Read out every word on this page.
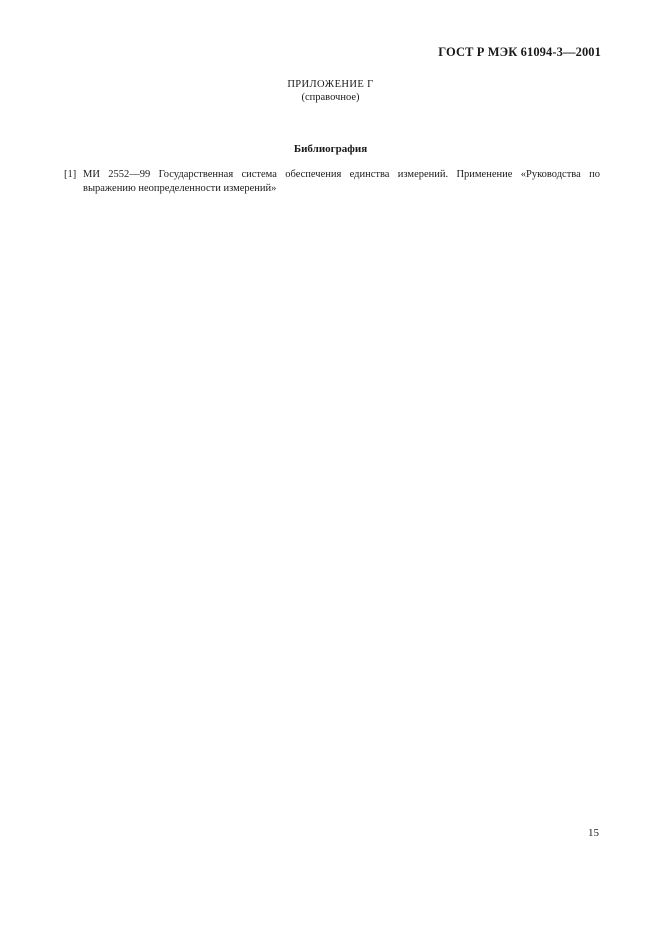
ГОСТ Р МЭК 61094-3—2001
ПРИЛОЖЕНИЕ Г
(справочное)
Библиография
[1] МИ 2552—99 Государственная система обеспечения единства измерений. Применение «Руководства по выражению неопределенности измерений»
15
